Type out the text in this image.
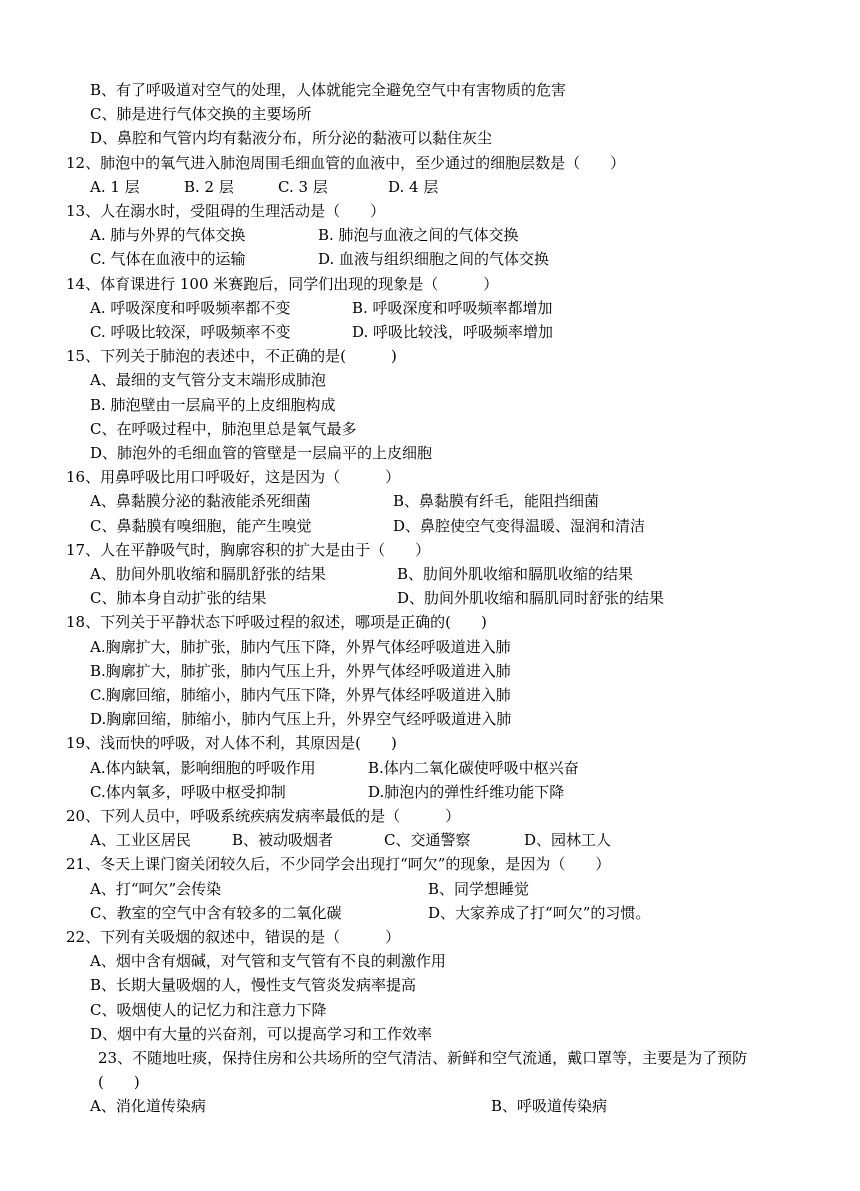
B、有了呼吸道对空气的处理，人体就能完全避免空气中有害物质的危害
C、肺是进行气体交换的主要场所
D、鼻腔和气管内均有黏液分布，所分泌的黏液可以黏住灰尘
12、肺泡中的氧气进入肺泡周围毛细血管的血液中，至少通过的细胞层数是（　　）
A. 1 层	B. 2 层	C. 3 层	D. 4 层
13、人在溺水时，受阻碍的生理活动是（　　）
A. 肺与外界的气体交换	B. 肺泡与血液之间的气体交换
C. 气体在血液中的运输	D. 血液与组织细胞之间的气体交换
14、体育课进行 100 米赛跑后，同学们出现的现象是（　　　）
A. 呼吸深度和呼吸频率都不变	B. 呼吸深度和呼吸频率都增加
C. 呼吸比较深，呼吸频率不变	D. 呼吸比较浅，呼吸频率增加
15、下列关于肺泡的表述中，不正确的是(　　　)
A、最细的支气管分支末端形成肺泡
B. 肺泡壁由一层扁平的上皮细胞构成
C、在呼吸过程中，肺泡里总是氧气最多
D、肺泡外的毛细血管的管壁是一层扁平的上皮细胞
16、用鼻呼吸比用口呼吸好，这是因为（　　　）
A、鼻黏膜分泌的黏液能杀死细菌	B、鼻黏膜有纤毛，能阻挡细菌
C、鼻黏膜有嗅细胞，能产生嗅觉	D、鼻腔使空气变得温暖、湿润和清洁
17、人在平静吸气时，胸廓容积的扩大是由于（　　）
A、肋间外肌收缩和膈肌舒张的结果	B、肋间外肌收缩和膈肌收缩的结果
C、肺本身自动扩张的结果	D、肋间外肌收缩和膈肌同时舒张的结果
18、下列关于平静状态下呼吸过程的叙述，哪项是正确的(　　)
A.胸廓扩大，肺扩张，肺内气压下降，外界气体经呼吸道进入肺
B.胸廓扩大，肺扩张，肺内气压上升，外界气体经呼吸道进入肺
C.胸廓回缩，肺缩小，肺内气压下降，外界气体经呼吸道进入肺
D.胸廓回缩，肺缩小，肺内气压上升，外界空气经呼吸道进入肺
19、浅而快的呼吸，对人体不利，其原因是(　　)
A.体内缺氧，影响细胞的呼吸作用	B.体内二氧化碳使呼吸中枢兴奋
C.体内氧多，呼吸中枢受抑制	D.肺泡内的弹性纤维功能下降
20、下列人员中，呼吸系统疾病发病率最低的是（　　　）
A、工业区居民	B、被动吸烟者	C、交通警察	D、园林工人
21、冬天上课门窗关闭较久后，不少同学会出现打“呵欠”的现象，是因为（　　）
A、打“呵欠”会传染	B、同学想睡觉
C、教室的空气中含有较多的二氧化碳	D、大家养成了打“呵欠”的习惯。
22、下列有关吸烟的叙述中，错误的是（　　　）
A、烟中含有烟碱，对气管和支气管有不良的刺激作用
B、长期大量吸烟的人，慢性支气管炎发病率提高
C、吸烟使人的记忆力和注意力下降
D、烟中有大量的兴奋剂，可以提高学习和工作效率
23、不随地吐痰，保持住房和公共场所的空气清洁、新鲜和空气流通，戴口罩等，主要是为了预防
(　　)
A、消化道传染病	B、呼吸道传染病
